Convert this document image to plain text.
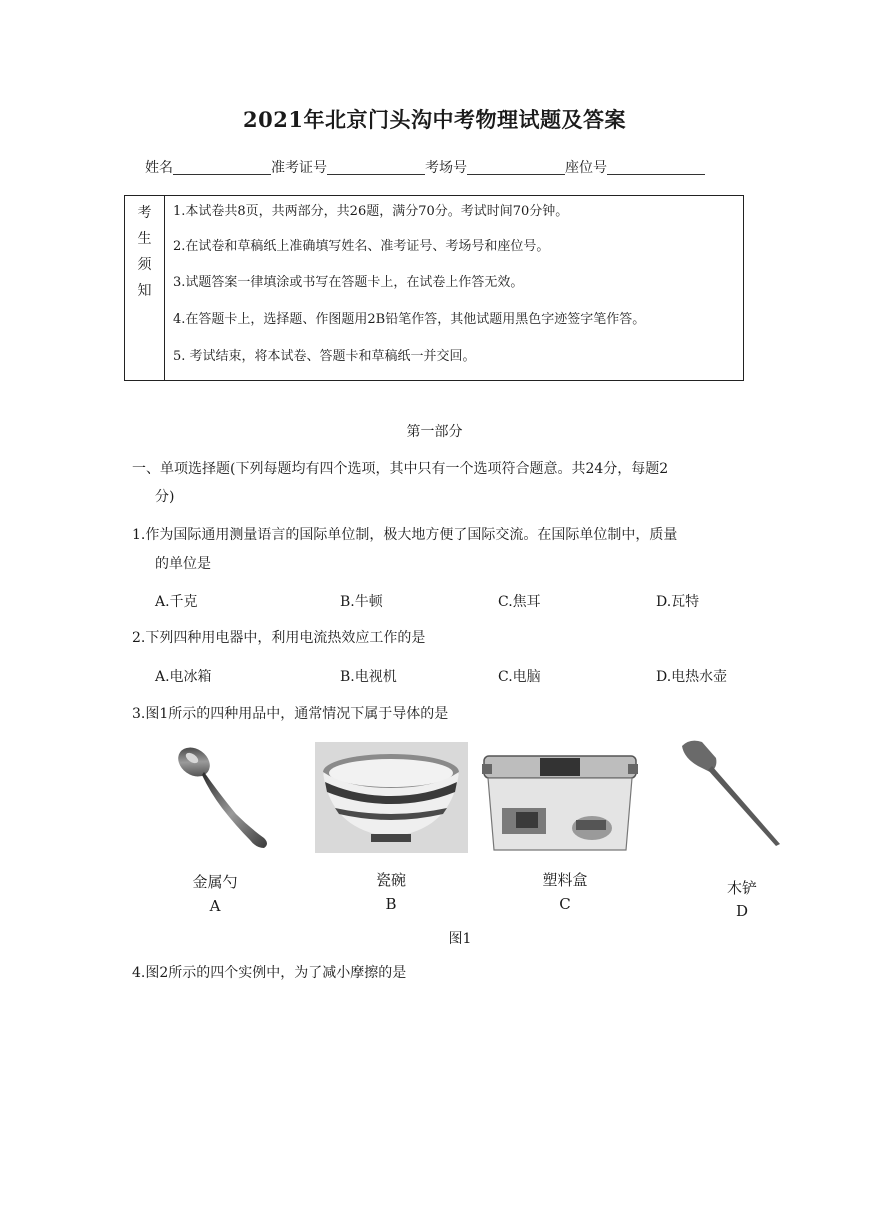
2021年北京门头沟中考物理试题及答案
姓名	准考证号	考场号	座位号
考
生
须
知
1.本试卷共8页，共两部分，共26题，满分70分。考试时间70分钟。
2.在试卷和草稿纸上准确填写姓名、准考证号、考场号和座位号。
3.试题答案一律填涂或书写在答题卡上，在试卷上作答无效。
4.在答题卡上，选择题、作图题用2B铅笔作答，其他试题用黑色字迹签字笔作答。
5. 考试结束，将本试卷、答题卡和草稿纸一并交回。
第一部分
一、单项选择题(下列每题均有四个选项，其中只有一个选项符合题意。共24分，每题2
分)
1.作为国际通用测量语言的国际单位制，极大地方便了国际交流。在国际单位制中，质量
的单位是
A.千克	B.牛顿	C.焦耳	D.瓦特
2.下列四种用电器中，利用电流热效应工作的是
A.电冰箱	B.电视机	C.电脑	D.电热水壶
3.图1所示的四种用品中，通常情况下属于导体的是
金属勺
A
瓷碗
B
塑料盒
C
木铲
D
图1
4.图2所示的四个实例中，为了减小摩擦的是
